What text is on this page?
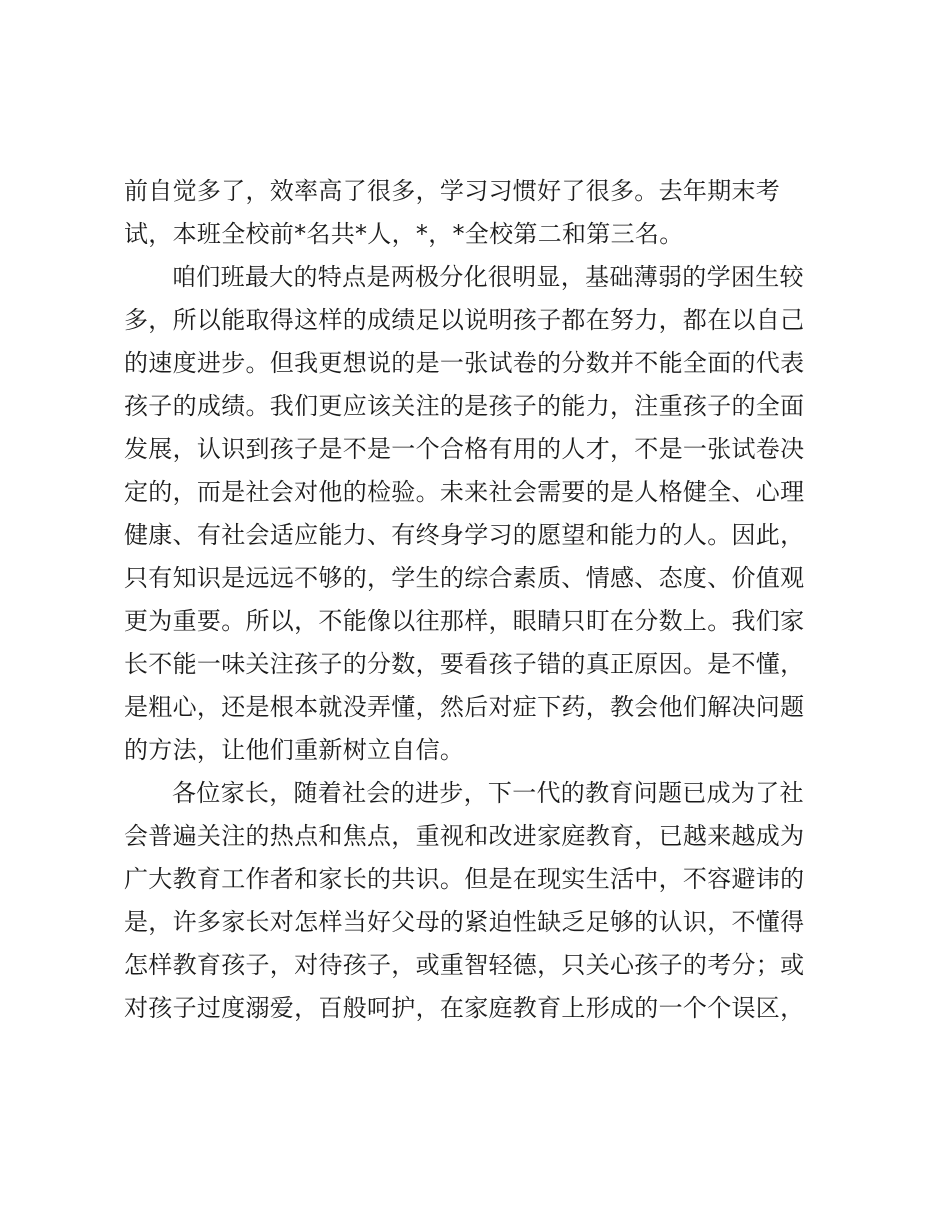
前自觉多了，效率高了很多，学习习惯好了很多。去年期末考
试，本班全校前*名共*人，*，*全校第二和第三名。
咱们班最大的特点是两极分化很明显，基础薄弱的学困生较
多，所以能取得这样的成绩足以说明孩子都在努力，都在以自己
的速度进步。但我更想说的是一张试卷的分数并不能全面的代表
孩子的成绩。我们更应该关注的是孩子的能力，注重孩子的全面
发展，认识到孩子是不是一个合格有用的人才，不是一张试卷决
定的，而是社会对他的检验。未来社会需要的是人格健全、心理
健康、有社会适应能力、有终身学习的愿望和能力的人。因此，
只有知识是远远不够的，学生的综合素质、情感、态度、价值观
更为重要。所以，不能像以往那样，眼睛只盯在分数上。我们家
长不能一味关注孩子的分数，要看孩子错的真正原因。是不懂，
是粗心，还是根本就没弄懂，然后对症下药，教会他们解决问题
的方法，让他们重新树立自信。
各位家长，随着社会的进步，下一代的教育问题已成为了社
会普遍关注的热点和焦点，重视和改进家庭教育，已越来越成为
广大教育工作者和家长的共识。但是在现实生活中，不容避讳的
是，许多家长对怎样当好父母的紧迫性缺乏足够的认识，不懂得
怎样教育孩子，对待孩子，或重智轻德，只关心孩子的考分；或
对孩子过度溺爱，百般呵护，在家庭教育上形成的一个个误区，
